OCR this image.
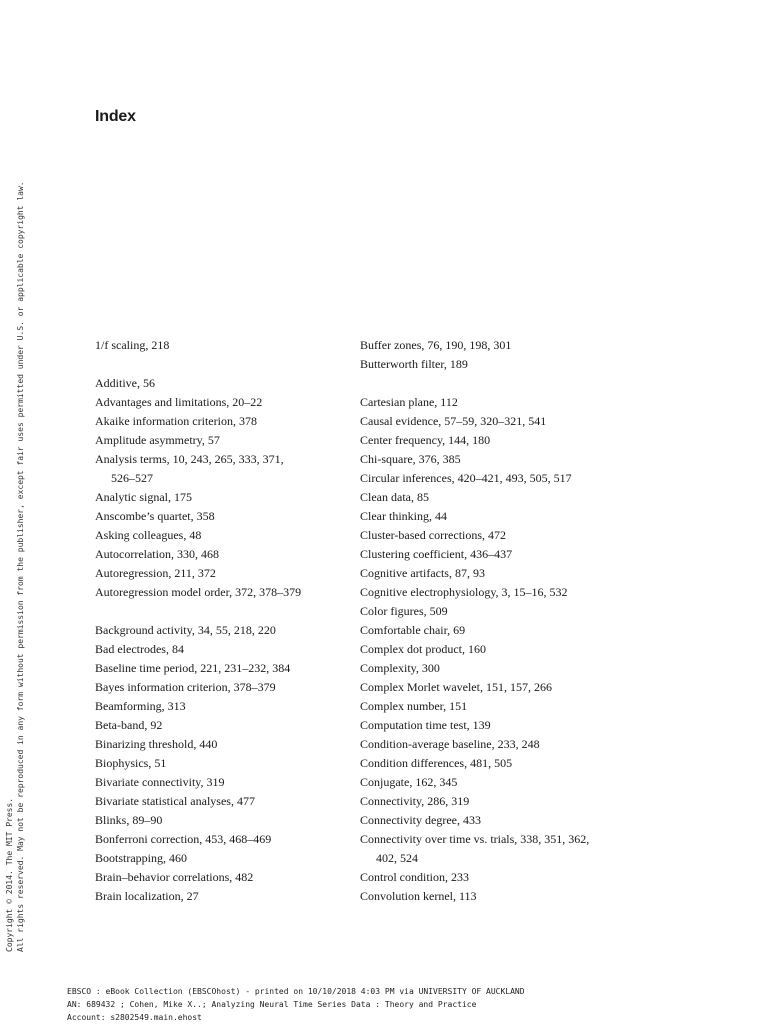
Index
1/f scaling, 218
Additive, 56
Advantages and limitations, 20–22
Akaike information criterion, 378
Amplitude asymmetry, 57
Analysis terms, 10, 243, 265, 333, 371,
526–527
Analytic signal, 175
Anscombe’s quartet, 358
Asking colleagues, 48
Autocorrelation, 330, 468
Autoregression, 211, 372
Autoregression model order, 372, 378–379
Background activity, 34, 55, 218, 220
Bad electrodes, 84
Baseline time period, 221, 231–232, 384
Bayes information criterion, 378–379
Beamforming, 313
Beta-band, 92
Binarizing threshold, 440
Biophysics, 51
Bivariate connectivity, 319
Bivariate statistical analyses, 477
Blinks, 89–90
Bonferroni correction, 453, 468–469
Bootstrapping, 460
Brain–behavior correlations, 482
Brain localization, 27
Buffer zones, 76, 190, 198, 301
Butterworth filter, 189
Cartesian plane, 112
Causal evidence, 57–59, 320–321, 541
Center frequency, 144, 180
Chi-square, 376, 385
Circular inferences, 420–421, 493, 505, 517
Clean data, 85
Clear thinking, 44
Cluster-based corrections, 472
Clustering coefficient, 436–437
Cognitive artifacts, 87, 93
Cognitive electrophysiology, 3, 15–16, 532
Color figures, 509
Comfortable chair, 69
Complex dot product, 160
Complexity, 300
Complex Morlet wavelet, 151, 157, 266
Complex number, 151
Computation time test, 139
Condition-average baseline, 233, 248
Condition differences, 481, 505
Conjugate, 162, 345
Connectivity, 286, 319
Connectivity degree, 433
Connectivity over time vs. trials, 338, 351, 362,
402, 524
Control condition, 233
Convolution kernel, 113
Copyright © 2014. The MIT Press. All rights reserved. May not be reproduced in any form without permission from the publisher, except fair uses permitted under U.S. or applicable copyright law.
EBSCO : eBook Collection (EBSCOhost) - printed on 10/10/2018 4:03 PM via UNIVERSITY OF AUCKLAND
AN: 689432 ; Cohen, Mike X..; Analyzing Neural Time Series Data : Theory and Practice
Account: s2802549.main.ehost
